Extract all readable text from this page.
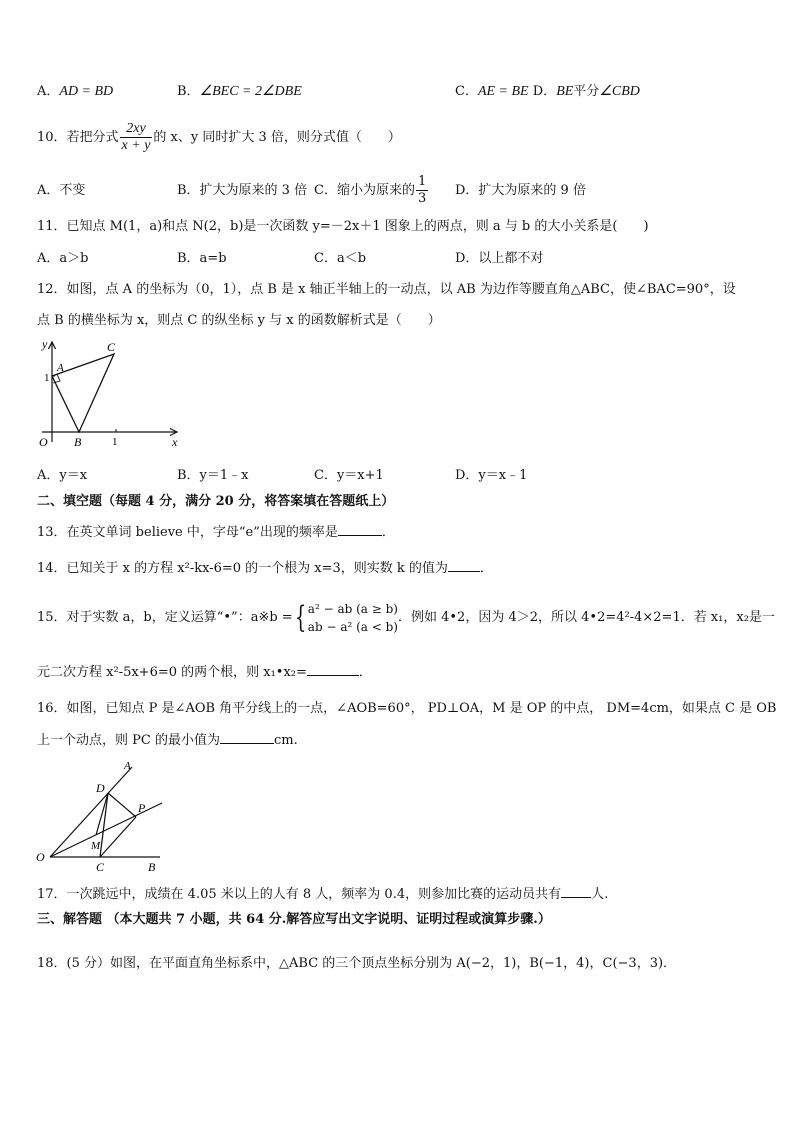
A．AD = BD	B．∠BEC = 2∠DBE	C．AE = BE D．BE平分∠CBD
10．若把分式 $\frac{2xy}{x + y}$ 的 x、y 同时扩大 3 倍，则分式值（　　）
A．不变	B．扩大为原来的 3 倍 C．缩小为原来的 $\frac{1}{3}$ D．扩大为原来的 9 倍
11．已知点 M(1，a)和点 N(2，b)是一次函数 y=－2x＋1 图象上的两点，则 a 与 b 的大小关系是(　　)
A．a＞b	B．a=b	C．a＜b	D．以上都不对
12．如图，点 A 的坐标为（0，1），点 B 是 x 轴正半轴上的一动点，以 AB 为边作等腰直角△ABC，使∠BAC=90°，设
点 B 的横坐标为 x，则点 C 的纵坐标 y 与 x 的函数解析式是（　　）
y
x
A
C
1
O B	1
A．y＝x	B．y＝1﹣x	C．y＝x+1	D．y＝x﹣1
二、填空题（每题 4 分，满分 20 分，将答案填在答题纸上）
13．在英文单词 believe 中，字母“e”出现的频率是	．
14．已知关于 x 的方程 x²-kx-6=0 的一个根为 x=3，则实数 k 的值为 ．
15．对于实数 a，b，定义运算“•”：a※b ={ a² − ab (a ≥ b)
ab − a² (a < b)
．例如 4•2，因为 4＞2，所以 4•2=4²-4×2=1．若 x₁，x₂是一
元二次方程 x²-5x+6=0 的两个根，则 x₁•x₂=	．
16．如图，已知点 P 是∠AOB 角平分线上的一点，∠AOB=60°， PD⊥OA，M 是 OP 的中点， DM=4cm，如果点 C 是 OB
上一个动点，则 PC 的最小值为	cm.
A
D
P
M
O
C	B
17．一次跳远中，成绩在 4.05 米以上的人有 8 人，频率为 0.4，则参加比赛的运动员共有 人.
三、解答题 （本大题共 7 小题，共 64 分.解答应写出文字说明、证明过程或演算步骤.）
18．(5 分）如图，在平面直角坐标系中，△ABC 的三个顶点坐标分别为 A(−2，1)，B(−1，4)，C(−3，3)．
